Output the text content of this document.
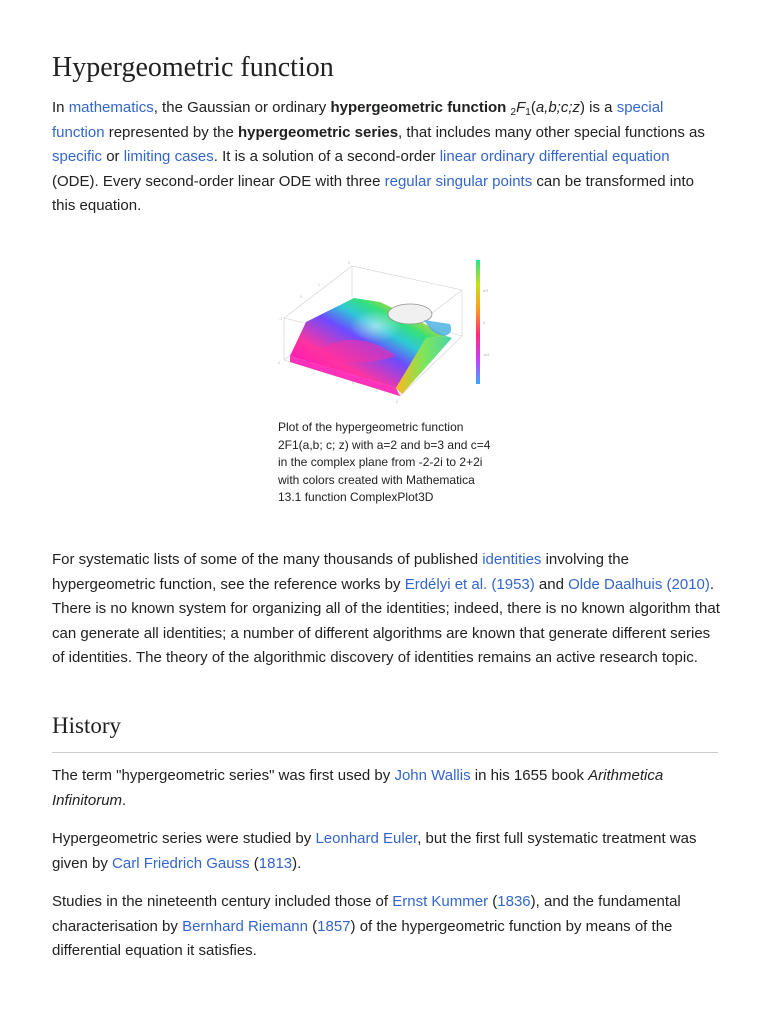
Hypergeometric function

In mathematics, the Gaussian or ordinary hypergeometric function $_2F_1(a,b;c;z)$ is a special function represented by the hypergeometric series, that includes many other special functions as specific or limiting cases. It is a solution of a second-order linear ordinary differential equation (ODE). Every second-order linear ODE with three regular singular points can be transformed into this equation.

2
1
0
-1
-2
-1
0
1
2
π/2
0
-π/2

Plot of the hypergeometric function 2F1(a,b; c; z) with a=2 and b=3 and c=4 in the complex plane from -2-2i to 2+2i with colors created with Mathematica 13.1 function ComplexPlot3D

For systematic lists of some of the many thousands of published identities involving the hypergeometric function, see the reference works by Erdélyi et al. (1953) and Olde Daalhuis (2010). There is no known system for organizing all of the identities; indeed, there is no known algorithm that can generate all identities; a number of different algorithms are known that generate different series of identities. The theory of the algorithmic discovery of identities remains an active research topic.

History

The term "hypergeometric series" was first used by John Wallis in his 1655 book Arithmetica Infinitorum.

Hypergeometric series were studied by Leonhard Euler, but the first full systematic treatment was given by Carl Friedrich Gauss (1813).

Studies in the nineteenth century included those of Ernst Kummer (1836), and the fundamental characterisation by Bernhard Riemann (1857) of the hypergeometric function by means of the differential equation it satisfies.
